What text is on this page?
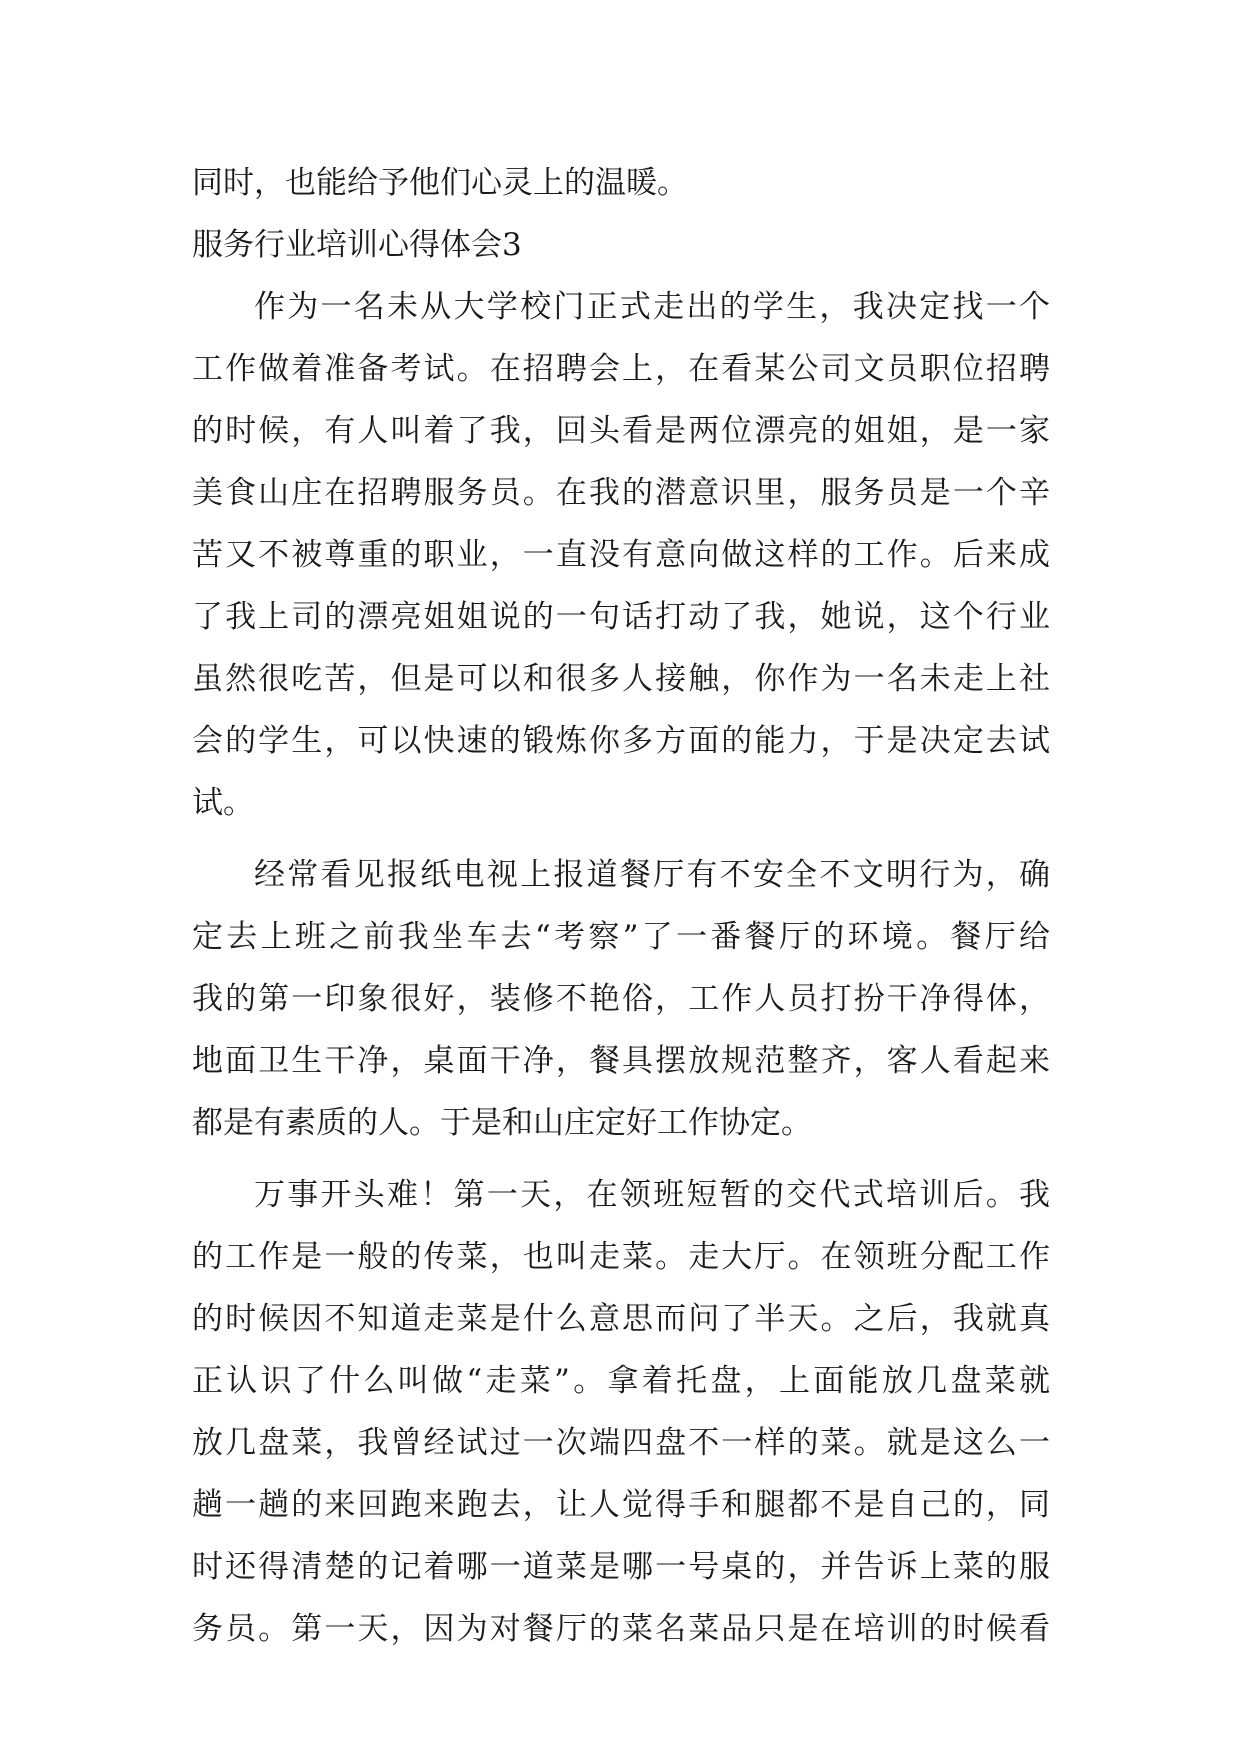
同时，也能给予他们心灵上的温暖。
服务行业培训心得体会3
作为一名未从大学校门正式走出的学生，我决定找一个
工作做着准备考试。在招聘会上，在看某公司文员职位招聘
的时候，有人叫着了我，回头看是两位漂亮的姐姐，是一家
美食山庄在招聘服务员。在我的潜意识里，服务员是一个辛
苦又不被尊重的职业，一直没有意向做这样的工作。后来成
了我上司的漂亮姐姐说的一句话打动了我，她说，这个行业
虽然很吃苦，但是可以和很多人接触，你作为一名未走上社
会的学生，可以快速的锻炼你多方面的能力，于是决定去试
试。
经常看见报纸电视上报道餐厅有不安全不文明行为，确
定去上班之前我坐车去“考察”了一番餐厅的环境。餐厅给
我的第一印象很好，装修不艳俗，工作人员打扮干净得体，
地面卫生干净，桌面干净，餐具摆放规范整齐，客人看起来
都是有素质的人。于是和山庄定好工作协定。
万事开头难！第一天，在领班短暂的交代式培训后。我
的工作是一般的传菜，也叫走菜。走大厅。在领班分配工作
的时候因不知道走菜是什么意思而问了半天。之后，我就真
正认识了什么叫做“走菜”。拿着托盘，上面能放几盘菜就
放几盘菜，我曾经试过一次端四盘不一样的菜。就是这么一
趟一趟的来回跑来跑去，让人觉得手和腿都不是自己的，同
时还得清楚的记着哪一道菜是哪一号桌的，并告诉上菜的服
务员。第一天，因为对餐厅的菜名菜品只是在培训的时候看
